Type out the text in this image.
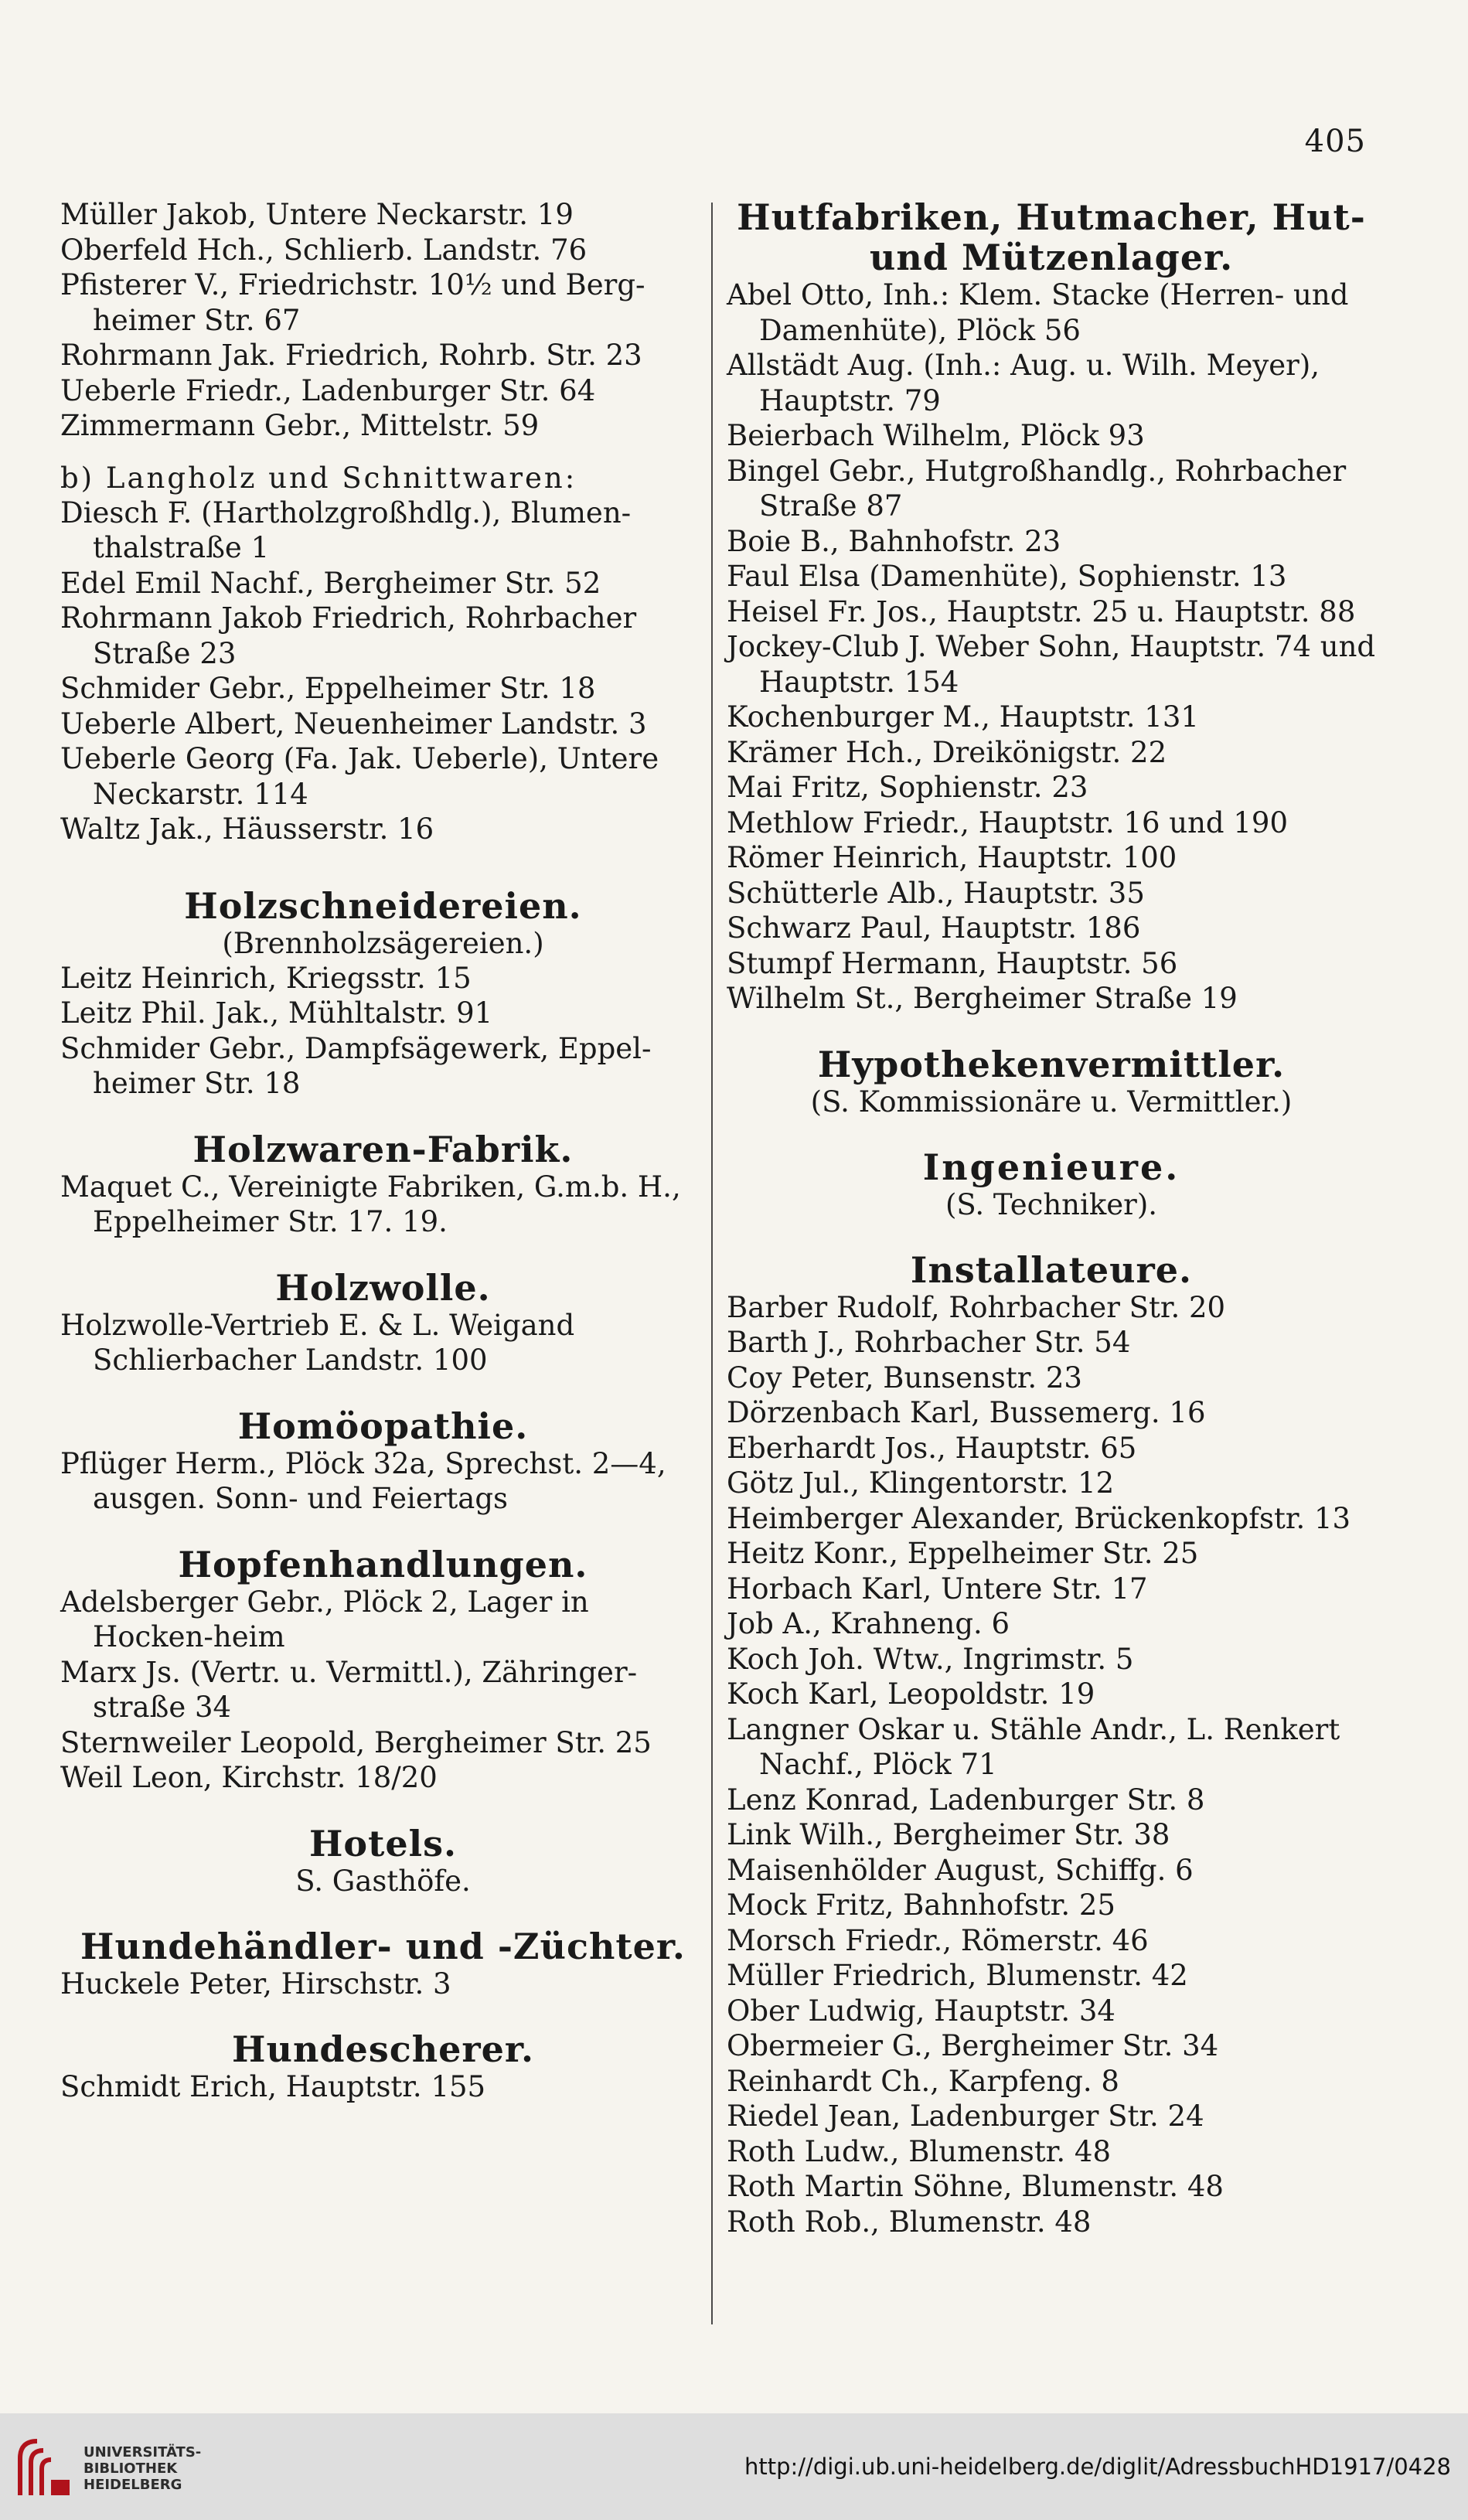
405

Müller Jakob, Untere Neckarstr. 19

Oberfeld Hch., Schlierb. Landstr. 76

Pfisterer V., Friedrichstr. 10½ und Berg-heimer Str. 67

Rohrmann Jak. Friedrich, Rohrb. Str. 23

Ueberle Friedr., Ladenburger Str. 64

Zimmermann Gebr., Mittelstr. 59

b) Langholz und Schnittwaren:

Diesch F. (Hartholzgroßhdlg.), Blumen-thalstraße 1

Edel Emil Nachf., Bergheimer Str. 52

Rohrmann Jakob Friedrich, Rohrbacher Straße 23

Schmider Gebr., Eppelheimer Str. 18

Ueberle Albert, Neuenheimer Landstr. 3

Ueberle Georg (Fa. Jak. Ueberle), Untere Neckarstr. 114

Waltz Jak., Häusserstr. 16

Holzschneidereien.

(Brennholzsägereien.)

Leitz Heinrich, Kriegsstr. 15

Leitz Phil. Jak., Mühltalstr. 91

Schmider Gebr., Dampfsägewerk, Eppel-heimer Str. 18

Holzwaren-Fabrik.

Maquet C., Vereinigte Fabriken, G.m.b. H., Eppelheimer Str. 17. 19.

Holzwolle.

Holzwolle-Vertrieb E. & L. Weigand Schlierbacher Landstr. 100

Homöopathie.

Pflüger Herm., Plöck 32a, Sprechst. 2—4, ausgen. Sonn- und Feiertags

Hopfenhandlungen.

Adelsberger Gebr., Plöck 2, Lager in Hocken-heim

Marx Js. (Vertr. u. Vermittl.), Zähringer-straße 34

Sternweiler Leopold, Bergheimer Str. 25

Weil Leon, Kirchstr. 18/20

Hotels.

S. Gasthöfe.

Hundehändler- und -Züchter.

Huckele Peter, Hirschstr. 3

Hundescherer.

Schmidt Erich, Hauptstr. 155

Hutfabriken, Hutmacher, Hut- und Mützenlager.

Abel Otto, Inh.: Klem. Stacke (Herren- und Damenhüte), Plöck 56

Allstädt Aug. (Inh.: Aug. u. Wilh. Meyer), Hauptstr. 79

Beierbach Wilhelm, Plöck 93

Bingel Gebr., Hutgroßhandlg., Rohrbacher Straße 87

Boie B., Bahnhofstr. 23

Faul Elsa (Damenhüte), Sophienstr. 13

Heisel Fr. Jos., Hauptstr. 25 u. Hauptstr. 88

Jockey-Club J. Weber Sohn, Hauptstr. 74 und Hauptstr. 154

Kochenburger M., Hauptstr. 131

Krämer Hch., Dreikönigstr. 22

Mai Fritz, Sophienstr. 23

Methlow Friedr., Hauptstr. 16 und 190

Römer Heinrich, Hauptstr. 100

Schütterle Alb., Hauptstr. 35

Schwarz Paul, Hauptstr. 186

Stumpf Hermann, Hauptstr. 56

Wilhelm St., Bergheimer Straße 19

Hypothekenvermittler.

(S. Kommissionäre u. Vermittler.)

Ingenieure.

(S. Techniker).

Installateure.

Barber Rudolf, Rohrbacher Str. 20

Barth J., Rohrbacher Str. 54

Coy Peter, Bunsenstr. 23

Dörzenbach Karl, Bussemerg. 16

Eberhardt Jos., Hauptstr. 65

Götz Jul., Klingentorstr. 12

Heimberger Alexander, Brückenkopfstr. 13

Heitz Konr., Eppelheimer Str. 25

Horbach Karl, Untere Str. 17

Job A., Krahneng. 6

Koch Joh. Wtw., Ingrimstr. 5

Koch Karl, Leopoldstr. 19

Langner Oskar u. Stähle Andr., L. Renkert Nachf., Plöck 71

Lenz Konrad, Ladenburger Str. 8

Link Wilh., Bergheimer Str. 38

Maisenhölder August, Schiffg. 6

Mock Fritz, Bahnhofstr. 25

Morsch Friedr., Römerstr. 46

Müller Friedrich, Blumenstr. 42

Ober Ludwig, Hauptstr. 34

Obermeier G., Bergheimer Str. 34

Reinhardt Ch., Karpfeng. 8

Riedel Jean, Ladenburger Str. 24

Roth Ludw., Blumenstr. 48

Roth Martin Söhne, Blumenstr. 48

Roth Rob., Blumenstr. 48

UNIVERSITÄTS-
BIBLIOTHEK
HEIDELBERG
http://digi.ub.uni-heidelberg.de/diglit/AdressbuchHD1917/0428
